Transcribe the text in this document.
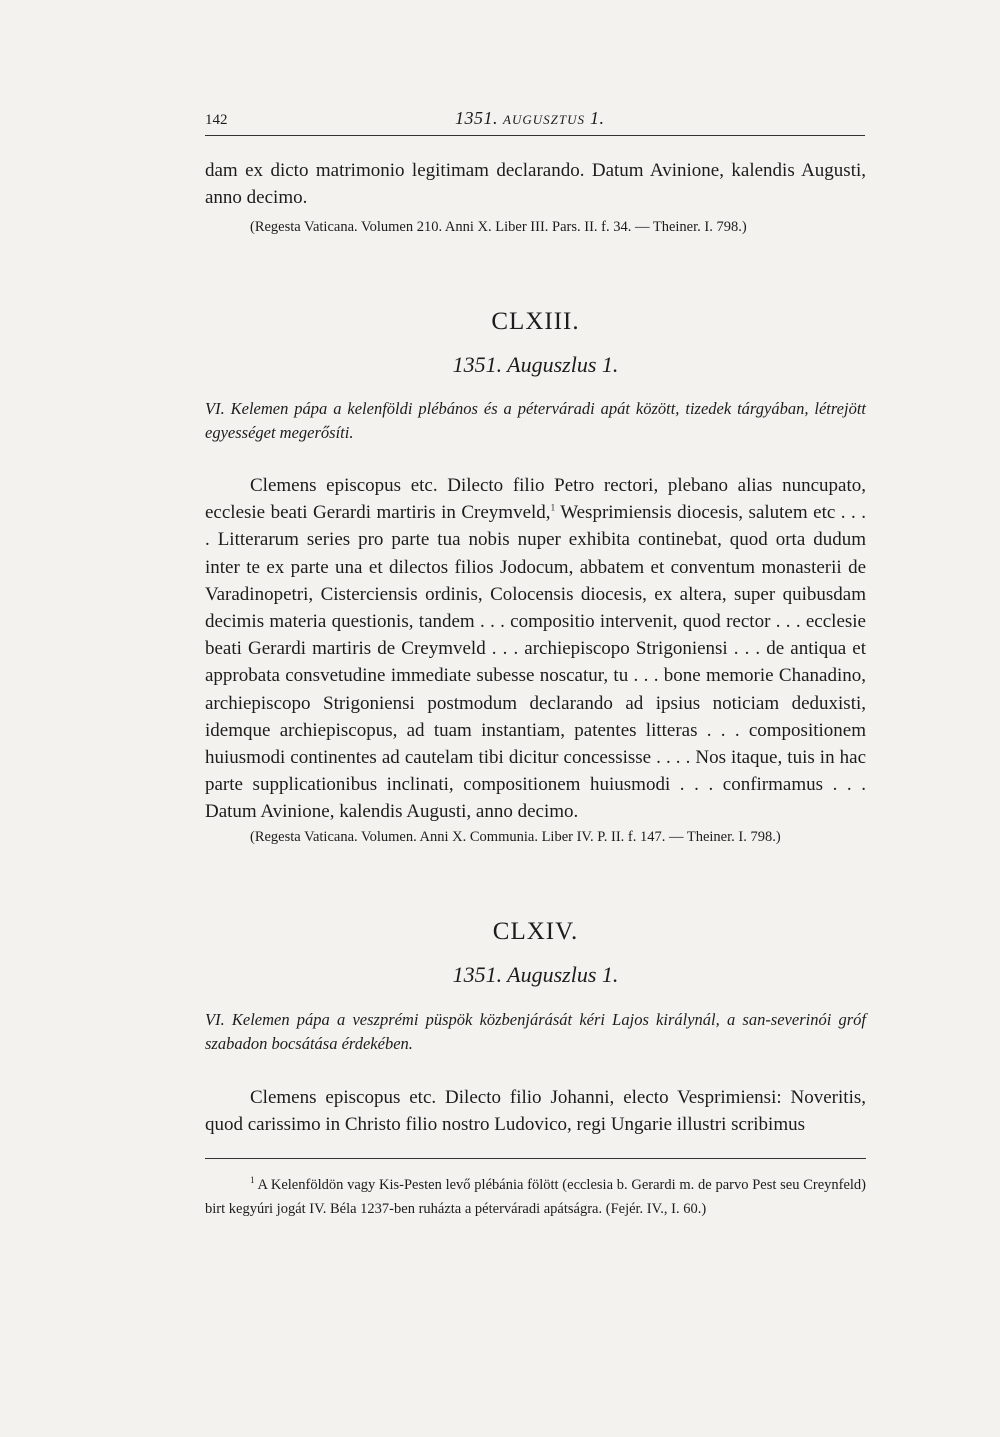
142	1351. AUGUSZTUS 1.

dam ex dicto matrimonio legitimam declarando. Datum Avinione, kalendis Augusti, anno decimo.

(Regesta Vaticana. Volumen 210. Anni X. Liber III. Pars. II. f. 34. — Theiner. I. 798.)

CLXIII.
1351. Auguszlus 1.

VI. Kelemen pápa a kelenföldi plébános és a péterváradi apát között, tizedek tárgyában, létrejött egyességet megerősíti.

Clemens episcopus etc. Dilecto filio Petro rectori, plebano alias nuncupato, ecclesie beati Gerardi martiris in Creymveld,$^1$ Wesprimiensis diocesis, salutem etc . . . . Litterarum series pro parte tua nobis nuper exhibita continebat, quod orta dudum inter te ex parte una et dilectos filios Jodocum, abbatem et conventum monasterii de Varadinopetri, Cisterciensis ordinis, Colocensis diocesis, ex altera, super quibusdam decimis materia questionis, tandem . . . compositio intervenit, quod rector . . . ecclesie beati Gerardi martiris de Creymveld . . . archiepiscopo Strigoniensi . . . de antiqua et approbata consvetudine immediate subesse noscatur, tu . . . bone memorie Chanadino, archiepiscopo Strigoniensi postmodum declarando ad ipsius noticiam deduxisti, idemque archiepiscopus, ad tuam instantiam, patentes litteras . . . compositionem huiusmodi continentes ad cautelam tibi dicitur concessisse . . . . Nos itaque, tuis in hac parte supplicationibus inclinati, compositionem huiusmodi . . . confirmamus . . . Datum Avinione, kalendis Augusti, anno decimo.

(Regesta Vaticana. Volumen. Anni X. Communia. Liber IV. P. II. f. 147. — Theiner. I. 798.)

CLXIV.
1351. Auguszlus 1.

VI. Kelemen pápa a veszprémi püspök közbenjárását kéri Lajos királynál, a san-severinói gróf szabadon bocsátása érdekében.

Clemens episcopus etc. Dilecto filio Johanni, electo Vesprimiensi: Noveritis, quod carissimo in Christo filio nostro Ludovico, regi Ungarie illustri scribimus

$^1$ A Kelenföldön vagy Kis-Pesten levő plébánia fölött (ecclesia b. Gerardi m. de parvo Pest seu Creynfeld) birt kegyúri jogát IV. Béla 1237-ben ruházta a péterváradi apátságra. (Fejér. IV., I. 60.)
